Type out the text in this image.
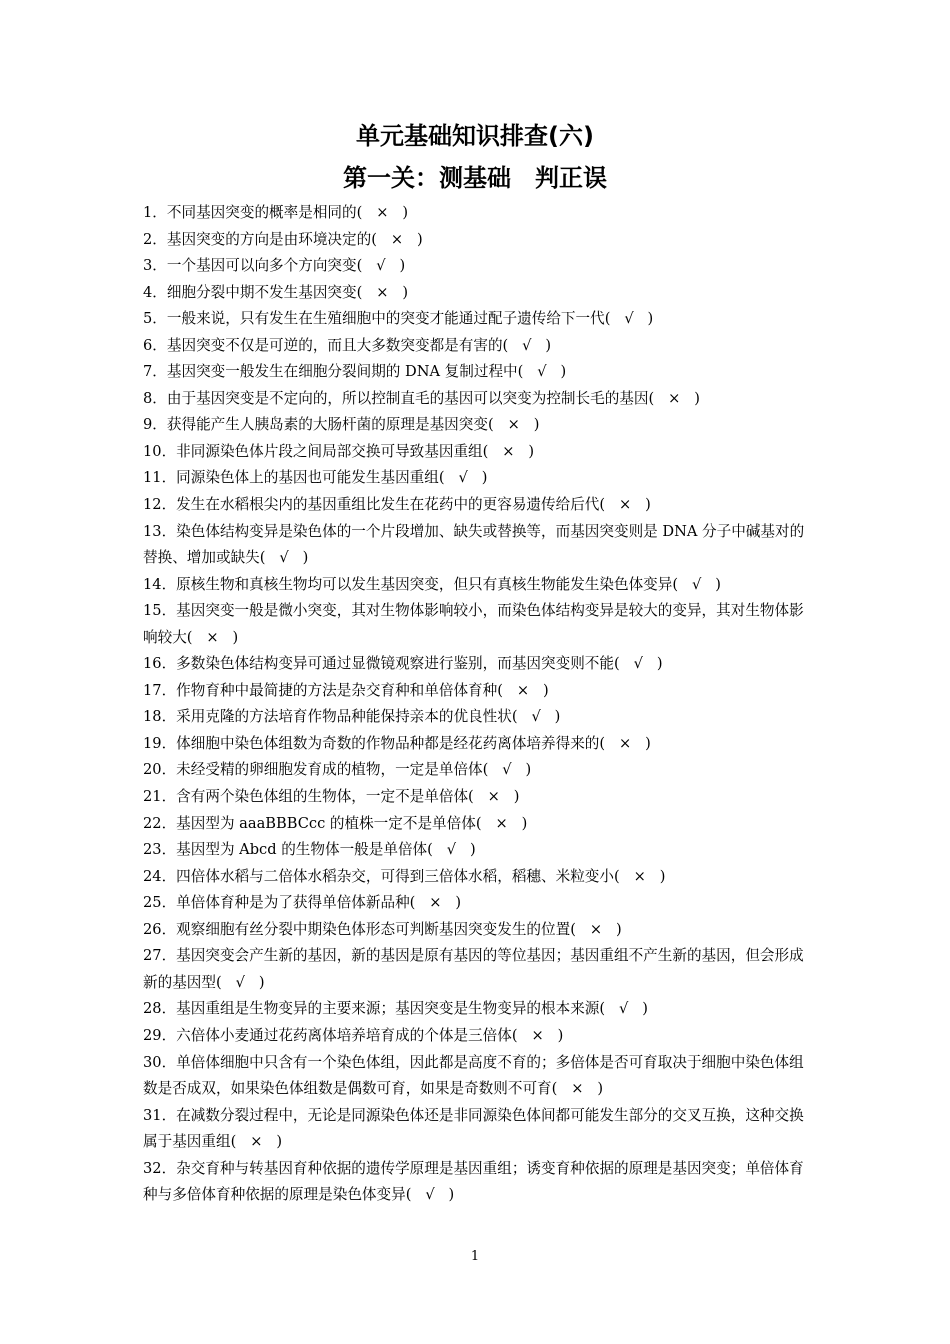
单元基础知识排查(六)
第一关：测基础　判正误

1．不同基因突变的概率是相同的( ×   )

2．基因突变的方向是由环境决定的( ×   )

3．一个基因可以向多个方向突变( √   )

4．细胞分裂中期不发生基因突变( ×   )

5．一般来说，只有发生在生殖细胞中的突变才能通过配子遗传给下一代( √   )

6．基因突变不仅是可逆的，而且大多数突变都是有害的( √   )

7．基因突变一般发生在细胞分裂间期的 DNA 复制过程中( √   )

8．由于基因突变是不定向的，所以控制直毛的基因可以突变为控制长毛的基因( ×   )

9．获得能产生人胰岛素的大肠杆菌的原理是基因突变( ×   )

10．非同源染色体片段之间局部交换可导致基因重组( ×   )

11．同源染色体上的基因也可能发生基因重组( √   )

12．发生在水稻根尖内的基因重组比发生在花药中的更容易遗传给后代( ×   )

13．染色体结构变异是染色体的一个片段增加、缺失或替换等，而基因突变则是 DNA 分子中碱基对的替换、增加或缺失( √   )

14．原核生物和真核生物均可以发生基因突变，但只有真核生物能发生染色体变异( √   )

15．基因突变一般是微小突变，其对生物体影响较小，而染色体结构变异是较大的变异，其对生物体影响较大( ×   )

16．多数染色体结构变异可通过显微镜观察进行鉴别，而基因突变则不能( √   )

17．作物育种中最简捷的方法是杂交育种和单倍体育种( ×   )

18．采用克隆的方法培育作物品种能保持亲本的优良性状( √   )

19．体细胞中染色体组数为奇数的作物品种都是经花药离体培养得来的( ×   )

20．未经受精的卵细胞发育成的植物，一定是单倍体( √   )

21．含有两个染色体组的生物体，一定不是单倍体( ×   )

22．基因型为 aaaBBBCcc 的植株一定不是单倍体( ×   )

23．基因型为 Abcd 的生物体一般是单倍体( √   )

24．四倍体水稻与二倍体水稻杂交，可得到三倍体水稻，稻穗、米粒变小( ×   )

25．单倍体育种是为了获得单倍体新品种( ×   )

26．观察细胞有丝分裂中期染色体形态可判断基因突变发生的位置( ×   )

27．基因突变会产生新的基因，新的基因是原有基因的等位基因；基因重组不产生新的基因，但会形成新的基因型( √   )

28．基因重组是生物变异的主要来源；基因突变是生物变异的根本来源( √   )

29．六倍体小麦通过花药离体培养培育成的个体是三倍体( ×   )

30．单倍体细胞中只含有一个染色体组，因此都是高度不育的；多倍体是否可育取决于细胞中染色体组数是否成双，如果染色体组数是偶数可育，如果是奇数则不可育( ×   )

31．在减数分裂过程中，无论是同源染色体还是非同源染色体间都可能发生部分的交叉互换，这种交换属于基因重组( ×   )

32．杂交育种与转基因育种依据的遗传学原理是基因重组；诱变育种依据的原理是基因突变；单倍体育种与多倍体育种依据的原理是染色体变异( √   )

1
